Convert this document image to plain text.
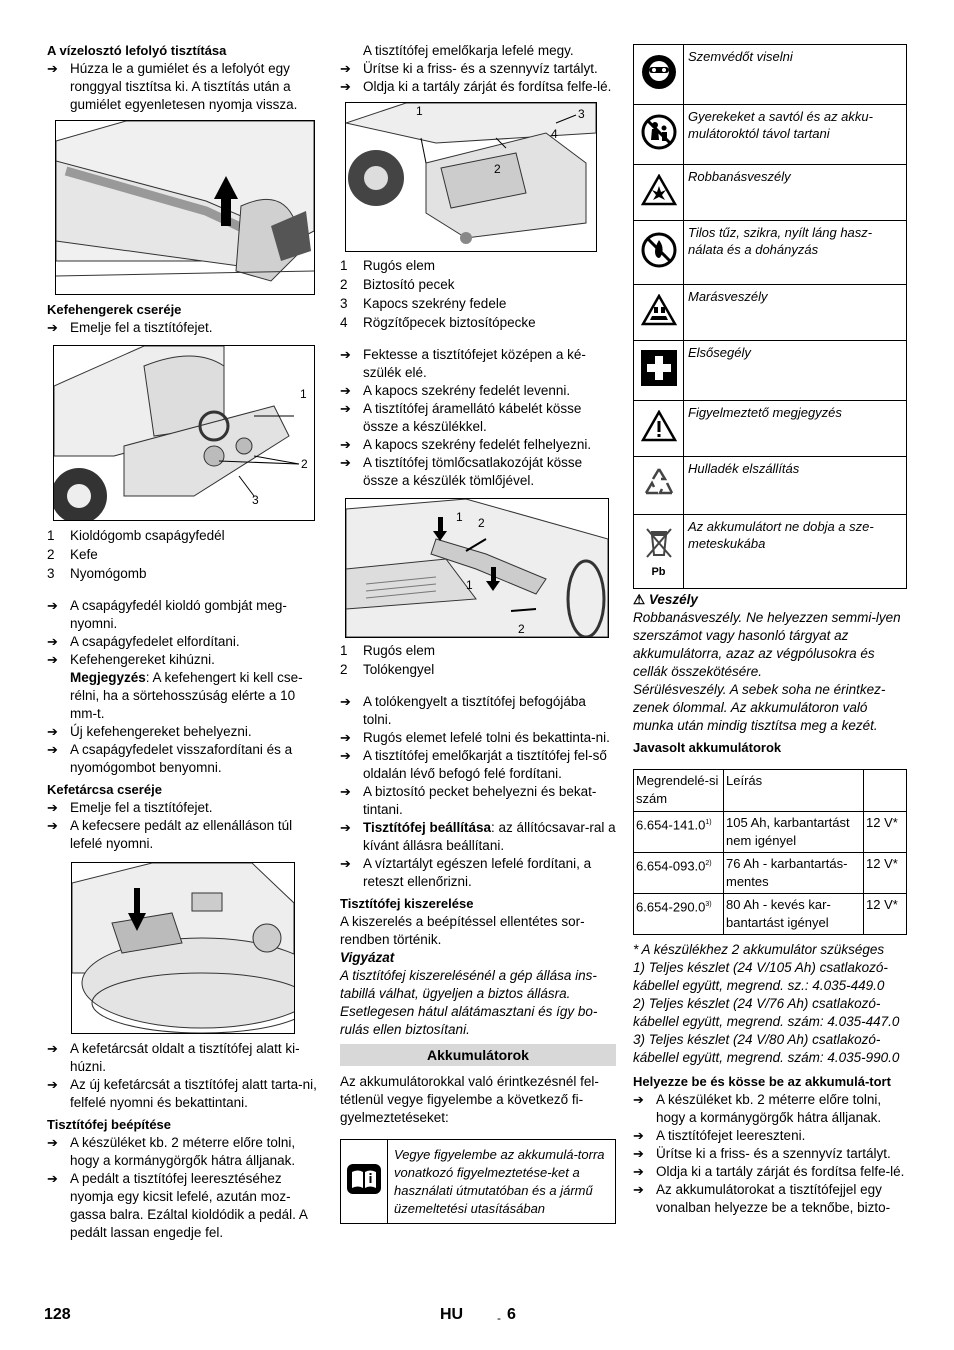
A vízelosztó lefolyó tisztítása
➔ Húzza le a gumiélet és a lefolyót egy ronggyal tisztítsa ki. A tisztítás után a gumiélet egyenletesen nyomja vissza.
Kefehengerek cseréje
➔ Emelje fel a tisztítófejet.
1
2
3
1	Kioldógomb csapágyfedél
2	Kefe
3	Nyomógomb
➔ A csapágyfedél kioldó gombját meg-nyomni.
➔ A csapágyfedelet elfordítani.
➔ Kefehengereket kihúzni.

Megjegyzés: A kefehengert ki kell cse-rélni, ha a sörtehosszúság elérte a 10 mm-t.

➔ Új kefehengereket behelyezni.
➔ A csapágyfedelet visszafordítani és a nyomógombot benyomni.
Kefetárcsa cseréje
➔ Emelje fel a tisztítófejet.
➔ A kefecsere pedált az ellenálláson túl lefelé nyomni.
➔ A kefetárcsát oldalt a tisztítófej alatt ki-húzni.
➔ Az új kefetárcsát a tisztítófej alatt tarta-ni, felfelé nyomni és bekattintani.
Tisztítófej beépítése
➔ A készüléket kb. 2 méterre előre tolni, hogy a kormánygörgők hátra álljanak.
➔ A pedált a tisztítófej leeresztéséhez nyomja egy kicsit lefelé, azután moz-gassa balra. Ezáltal kioldódik a pedál. A pedált lassan engedje fel.

A tisztítófej emelőkarja lefelé megy.

➔ Ürítse ki a friss- és a szennyvíz tartályt.
➔ Oldja ki a tartály zárját és fordítsa felfe-lé.
1
2
3
4
1	Rugós elem
2	Biztosító pecek
3	Kapocs szekrény fedele
4	Rögzítőpecek biztosítópecke
➔ Fektesse a tisztítófejet középen a ké-szülék elé.
➔ A kapocs szekrény fedelét levenni.
➔ A tisztítófej áramellátó kábelét kösse össze a készülékkel.
➔ A kapocs szekrény fedelét felhelyezni.
➔ A tisztítófej tömlőcsatlakozóját kösse össze a készülék tömlőjével.
1 2
1
2
1	Rugós elem
2	Tolókengyel
➔ A tolókengyelt a tisztítófej befogójába tolni.
➔ Rugós elemet lefelé tolni és bekattinta-ni.
➔ A tisztítófej emelőkarját a tisztítófej fel-ső oldalán lévő befogó felé fordítani.
➔ A biztosító pecket behelyezni és bekat-tintani.
➔ Tisztítófej beállítása: az állítócsavar-ral a kívánt állásra beállítani.
➔ A víztartályt egészen lefelé fordítani, a reteszt ellenőrizni.
Tisztítófej kiszerelése

A kiszerelés a beépítéssel ellentétes sor-rendben történik.

Vigyázat

A tisztítófej kiszerelésénél a gép állása ins-tabillá válhat, ügyeljen a biztos állásra. Esetlegesen hátul alátámasztani és így bo-rulás ellen biztosítani.

Akkumulátorok

Az akkumulátorokkal való érintkezésnél fel-tétlenül vegye figyelembe a következő fi-gyelmeztetéseket:

	Vegye figyelembe az akkumulá-torra vonatkozó figyelmeztetése-ket a használati útmutatóban és a jármű üzemeltetési utasításában
	Szemvédőt viselni
	Gyerekeket a savtól és az akku-mulátoroktól távol tartani
	Robbanásveszély
	Tilos tűz, szikra, nyílt láng hasz-nálata és a dohányzás
	Marásveszély
	Elsősegély
	Figyelmeztető megjegyzés
	Hulladék elszállítás

Pb	Az akkumulátort ne dobja a sze-meteskukába

⚠ Veszély

Robbanásveszély. Ne helyezzen semmi-lyen szerszámot vagy hasonló tárgyat az akkumulátorra, azaz az végpólusokra és cellák összekötésére.

Sérülésveszély. A sebek soha ne érintkez-zenek ólommal. Az akkumulátoron való munka után mindig tisztítsa meg a kezét.

Javasolt akkumulátorok
Megrendelé-si szám	Leírás	
6.654-141.0$^{1)}$	105 Ah, karbantartást nem igényel	12 V*
6.654-093.0$^{2)}$	76 Ah - karbantartás-mentes	12 V*
6.654-290.0$^{3)}$	80 Ah - kevés kar-bantartást igényel	12 V*

* A készülékhez 2 akkumulátor szükséges

1) Teljes készlet (24 V/105 Ah) csatlakozó-kábellel együtt, megrend. sz.: 4.035-449.0

2) Teljes készlet (24 V/76 Ah) csatlakozó-kábellel együtt, megrend. szám: 4.035-447.0

3) Teljes készlet (24 V/80 Ah) csatlakozó-kábellel együtt, megrend. szám: 4.035-990.0

Helyezze be és kösse be az akkumulá-tort
➔ A készüléket kb. 2 méterre előre tolni, hogy a kormánygörgők hátra álljanak.
➔ A tisztítófejet leereszteni.
➔ Ürítse ki a friss- és a szennyvíz tartályt.
➔ Oldja ki a tartály zárját és fordítsa felfe-lé.
➔ Az akkumulátorokat a tisztítófejjel egy vonalban helyezze be a teknőbe, bizto-
128	HU	- 6
